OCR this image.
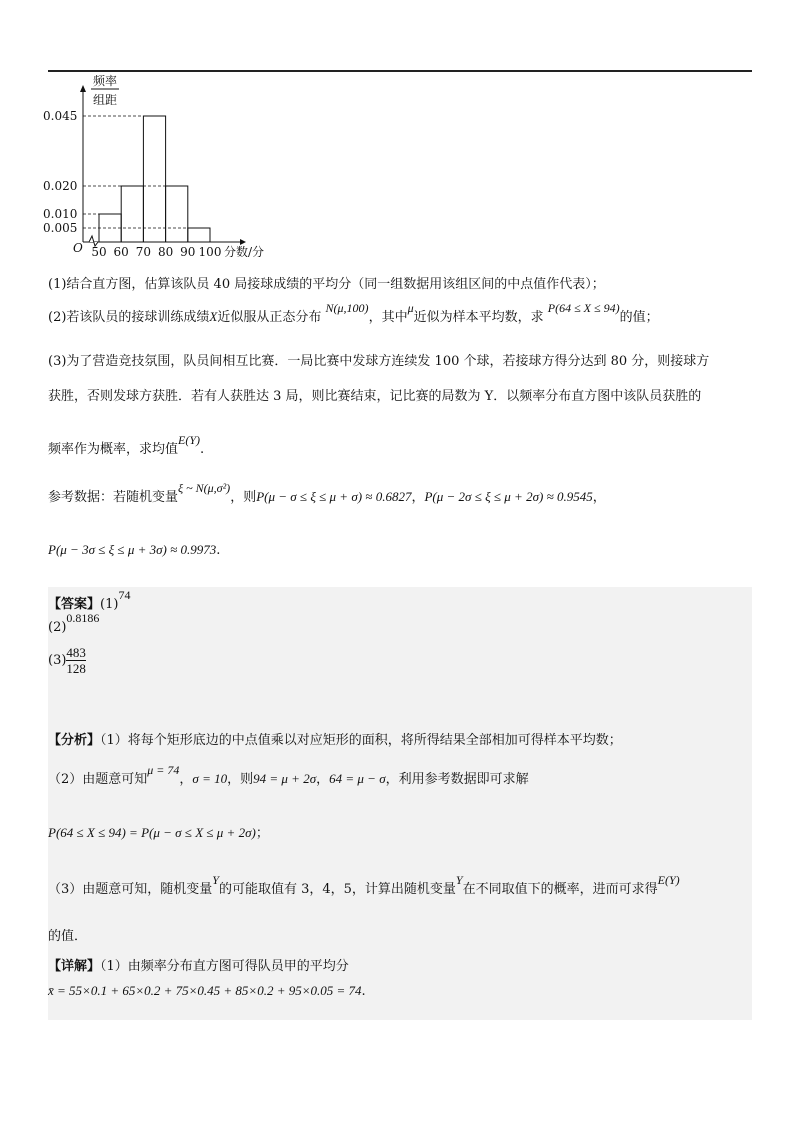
频率
组距
O	分数/分
0.045
0.020
0.010
0.005
50 60 70 80 90 100
(1)结合直方图，估算该队员 40 局接球成绩的平均分（同一组数据用该组区间的中点值作代表）；
(2)若该队员的接球训练成绩X近似服从正态分布 N(μ,100)，其中μ近似为样本平均数，求 P(64 ≤ X ≤ 94)的值；
(3)为了营造竞技氛围，队员间相互比赛．一局比赛中发球方连续发 100 个球，若接球方得分达到 80 分，则接球方
获胜，否则发球方获胜．若有人获胜达 3 局，则比赛结束，记比赛的局数为 Y．以频率分布直方图中该队员获胜的
频率作为概率，求均值E(Y).
参考数据：若随机变量ξ ~ N(μ,σ²)，则P(μ − σ ≤ ξ ≤ μ + σ) ≈ 0.6827，P(μ − 2σ ≤ ξ ≤ μ + 2σ) ≈ 0.9545，
P(μ − 3σ ≤ ξ ≤ μ + 3σ) ≈ 0.9973.
【答案】(1)74
(2)0.8186
$(3) \frac{483}{128}$
【分析】（1）将每个矩形底边的中点值乘以对应矩形的面积，将所得结果全部相加可得样本平均数；
（2）由题意可知μ = 74，σ = 10，则94 = μ + 2σ，64 = μ − σ，利用参考数据即可求解
P(64 ≤ X ≤ 94) = P(μ − σ ≤ X ≤ μ + 2σ)；
（3）由题意可知，随机变量Y的可能取值有 3，4，5，计算出随机变量Y在不同取值下的概率，进而可求得E(Y)
的值．
【详解】（1）由频率分布直方图可得队员甲的平均分
x̄ = 55×0.1 + 65×0.2 + 75×0.45 + 85×0.2 + 95×0.05 = 74.
